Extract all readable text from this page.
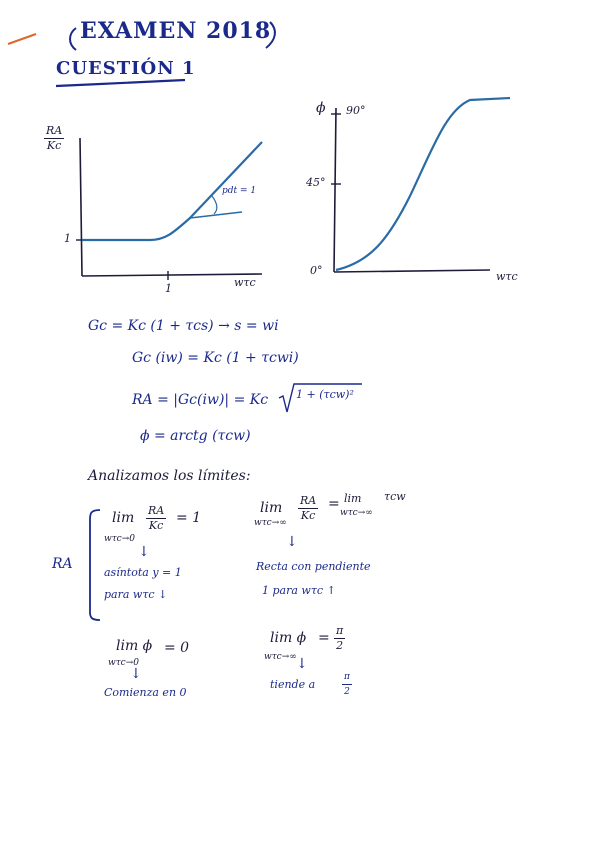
EXAMEN 2018
CUESTIÓN 1
$\frac{RA}{Kc}$
1
1	wτc
pdt = 1
ϕ 90°
45°
0°	wτc
Gc = Kc (1 + τcs) → s = wi
Gc (iw) = Kc (1 + τcwi)
RA = |Gc(iw)| = Kc	1 + (τcw)²
ϕ = arctg (τcw)
Analizamos los límites:
RA
lim
wτc→0
$\frac{RA}{Kc} = 1$
↓
asíntota y = 1
para wτc ↓
lim
$w\tau c\to\infty \frac{RA}{Kc} = \lim$
wτc→∞
τcw
↓
Recta con pendiente
1 para wτc ↑
lim ϕ
wτc→0
= 0
↓
Comienza en 0
lim ϕ
wτc→∞
= $\frac{\pi}{2}$
↓
tiende a	$\frac{\pi}{2}$
